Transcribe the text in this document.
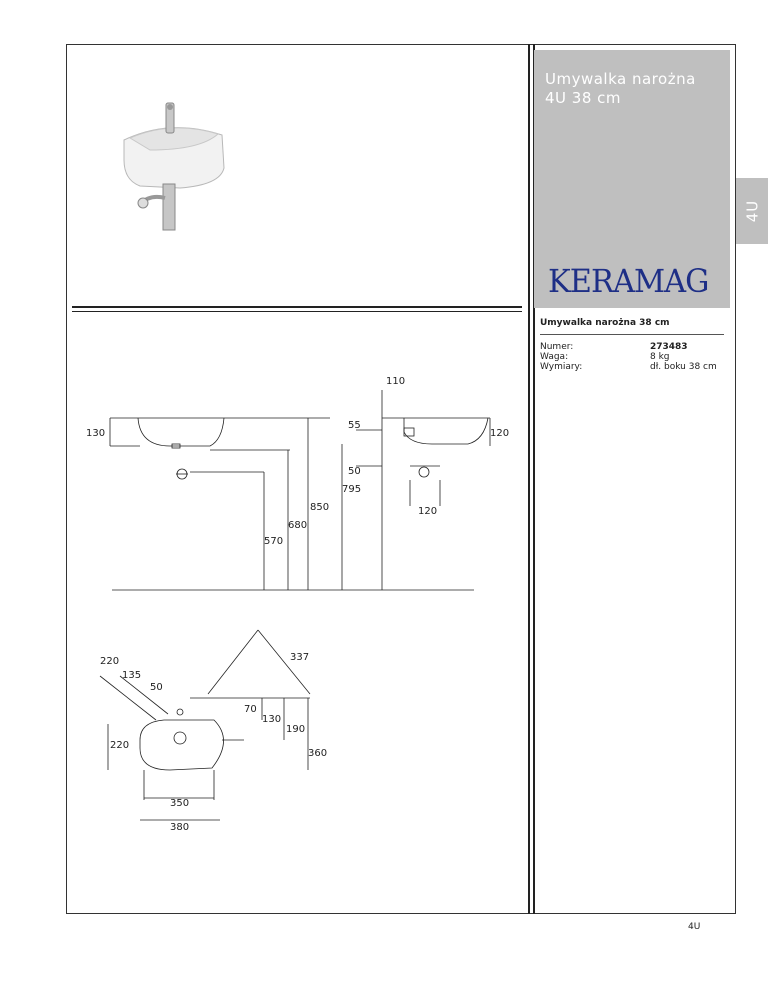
Umywalka narożna
4U 38 cm
KERAMAG
4U
Umywalka narożna 38 cm
Numer:	273483
Waga:	8 kg
Wymiary:	dł. boku 38 cm
4U
130
850
680
570
110
55
120
50
795
120
220
135
50
337
70
130
190
220
360
350
380
